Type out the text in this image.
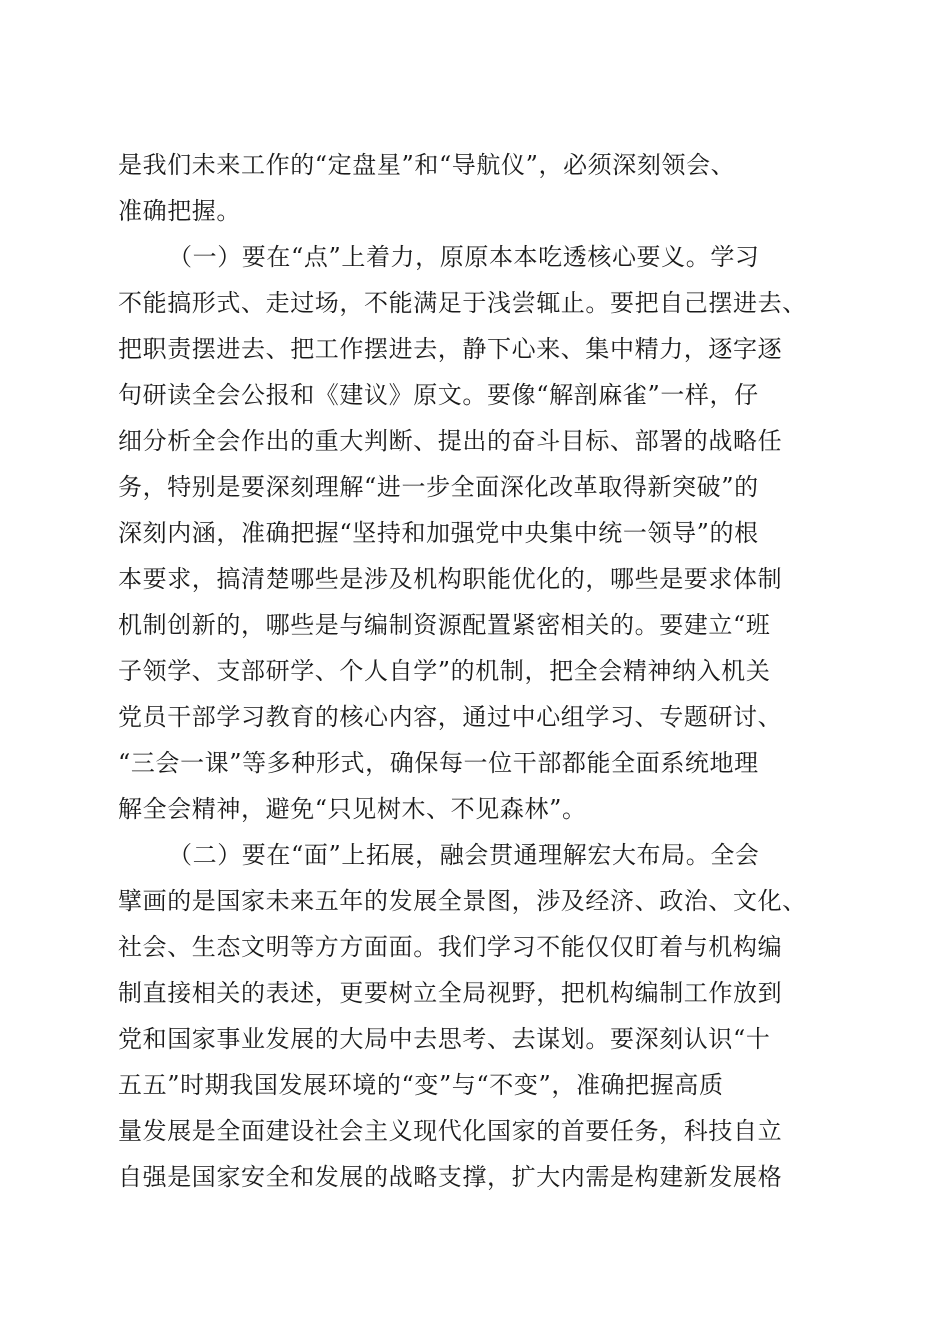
是我们未来工作的“定盘星”和“导航仪”，必须深刻领会、
准确把握。
（一）要在“点”上着力，原原本本吃透核心要义。学习
不能搞形式、走过场，不能满足于浅尝辄止。要把自己摆进去、
把职责摆进去、把工作摆进去，静下心来、集中精力，逐字逐
句研读全会公报和《建议》原文。要像“解剖麻雀”一样，仔
细分析全会作出的重大判断、提出的奋斗目标、部署的战略任
务，特别是要深刻理解“进一步全面深化改革取得新突破”的
深刻内涵，准确把握“坚持和加强党中央集中统一领导”的根
本要求，搞清楚哪些是涉及机构职能优化的，哪些是要求体制
机制创新的，哪些是与编制资源配置紧密相关的。要建立“班
子领学、支部研学、个人自学”的机制，把全会精神纳入机关
党员干部学习教育的核心内容，通过中心组学习、专题研讨、
“三会一课”等多种形式，确保每一位干部都能全面系统地理
解全会精神，避免“只见树木、不见森林”。
（二）要在“面”上拓展，融会贯通理解宏大布局。全会
擘画的是国家未来五年的发展全景图，涉及经济、政治、文化、
社会、生态文明等方方面面。我们学习不能仅仅盯着与机构编
制直接相关的表述，更要树立全局视野，把机构编制工作放到
党和国家事业发展的大局中去思考、去谋划。要深刻认识“十
五五”时期我国发展环境的“变”与“不变”，准确把握高质
量发展是全面建设社会主义现代化国家的首要任务，科技自立
自强是国家安全和发展的战略支撑，扩大内需是构建新发展格
